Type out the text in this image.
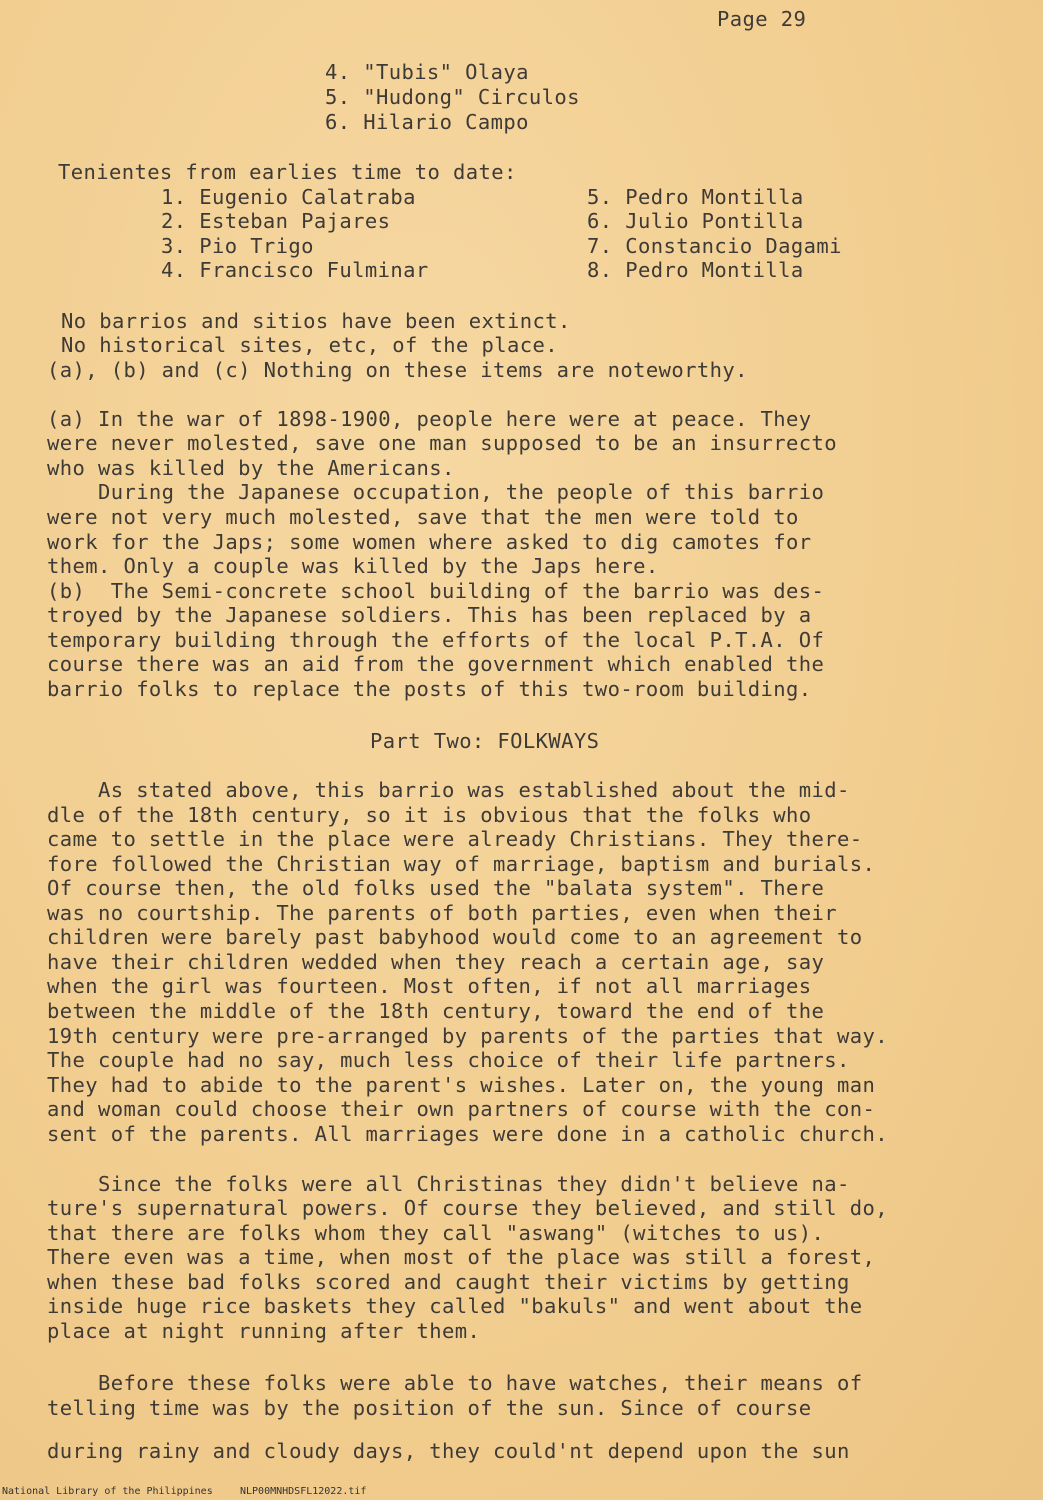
Page 29
4. "Tubis" Olaya
5. "Hudong" Circulos
6. Hilario Campo
Tenientes from earlies time to date:
1. Eugenio Calatraba
2. Esteban Pajares
3. Pio Trigo
4. Francisco Fulminar
5. Pedro Montilla
6. Julio Pontilla
7. Constancio Dagami
8. Pedro Montilla
No barrios and sitios have been extinct.
No historical sites, etc, of the place.
(a), (b) and (c) Nothing on these items are noteworthy.
(a) In the war of 1898-1900, people here were at peace. They
were never molested, save one man supposed to be an insurrecto
who was killed by the Americans.
During the Japanese occupation, the people of this barrio
were not very much molested, save that the men were told to
work for the Japs; some women where asked to dig camotes for
them. Only a couple was killed by the Japs here.
(b)  The Semi-concrete school building of the barrio was des-
troyed by the Japanese soldiers. This has been replaced by a
temporary building through the efforts of the local P.T.A. Of
course there was an aid from the government which enabled the
barrio folks to replace the posts of this two-room building.
Part Two: FOLKWAYS
As stated above, this barrio was established about the mid-
dle of the 18th century, so it is obvious that the folks who
came to settle in the place were already Christians. They there-
fore followed the Christian way of marriage, baptism and burials.
Of course then, the old folks used the "balata system". There
was no courtship. The parents of both parties, even when their
children were barely past babyhood would come to an agreement to
have their children wedded when they reach a certain age, say
when the girl was fourteen. Most often, if not all marriages
between the middle of the 18th century, toward the end of the
19th century were pre-arranged by parents of the parties that way.
The couple had no say, much less choice of their life partners.
They had to abide to the parent's wishes. Later on, the young man
and woman could choose their own partners of course with the con-
sent of the parents. All marriages were done in a catholic church.
Since the folks were all Christinas they didn't believe na-
ture's supernatural powers. Of course they believed, and still do,
that there are folks whom they call "aswang" (witches to us).
There even was a time, when most of the place was still a forest,
when these bad folks scored and caught their victims by getting
inside huge rice baskets they called "bakuls" and went about the
place at night running after them.
Before these folks were able to have watches, their means of
telling time was by the position of the sun. Since of course
during rainy and cloudy days, they could'nt depend upon the sun
National Library of the Philippines	NLP00MNHDSFL12022.tif
